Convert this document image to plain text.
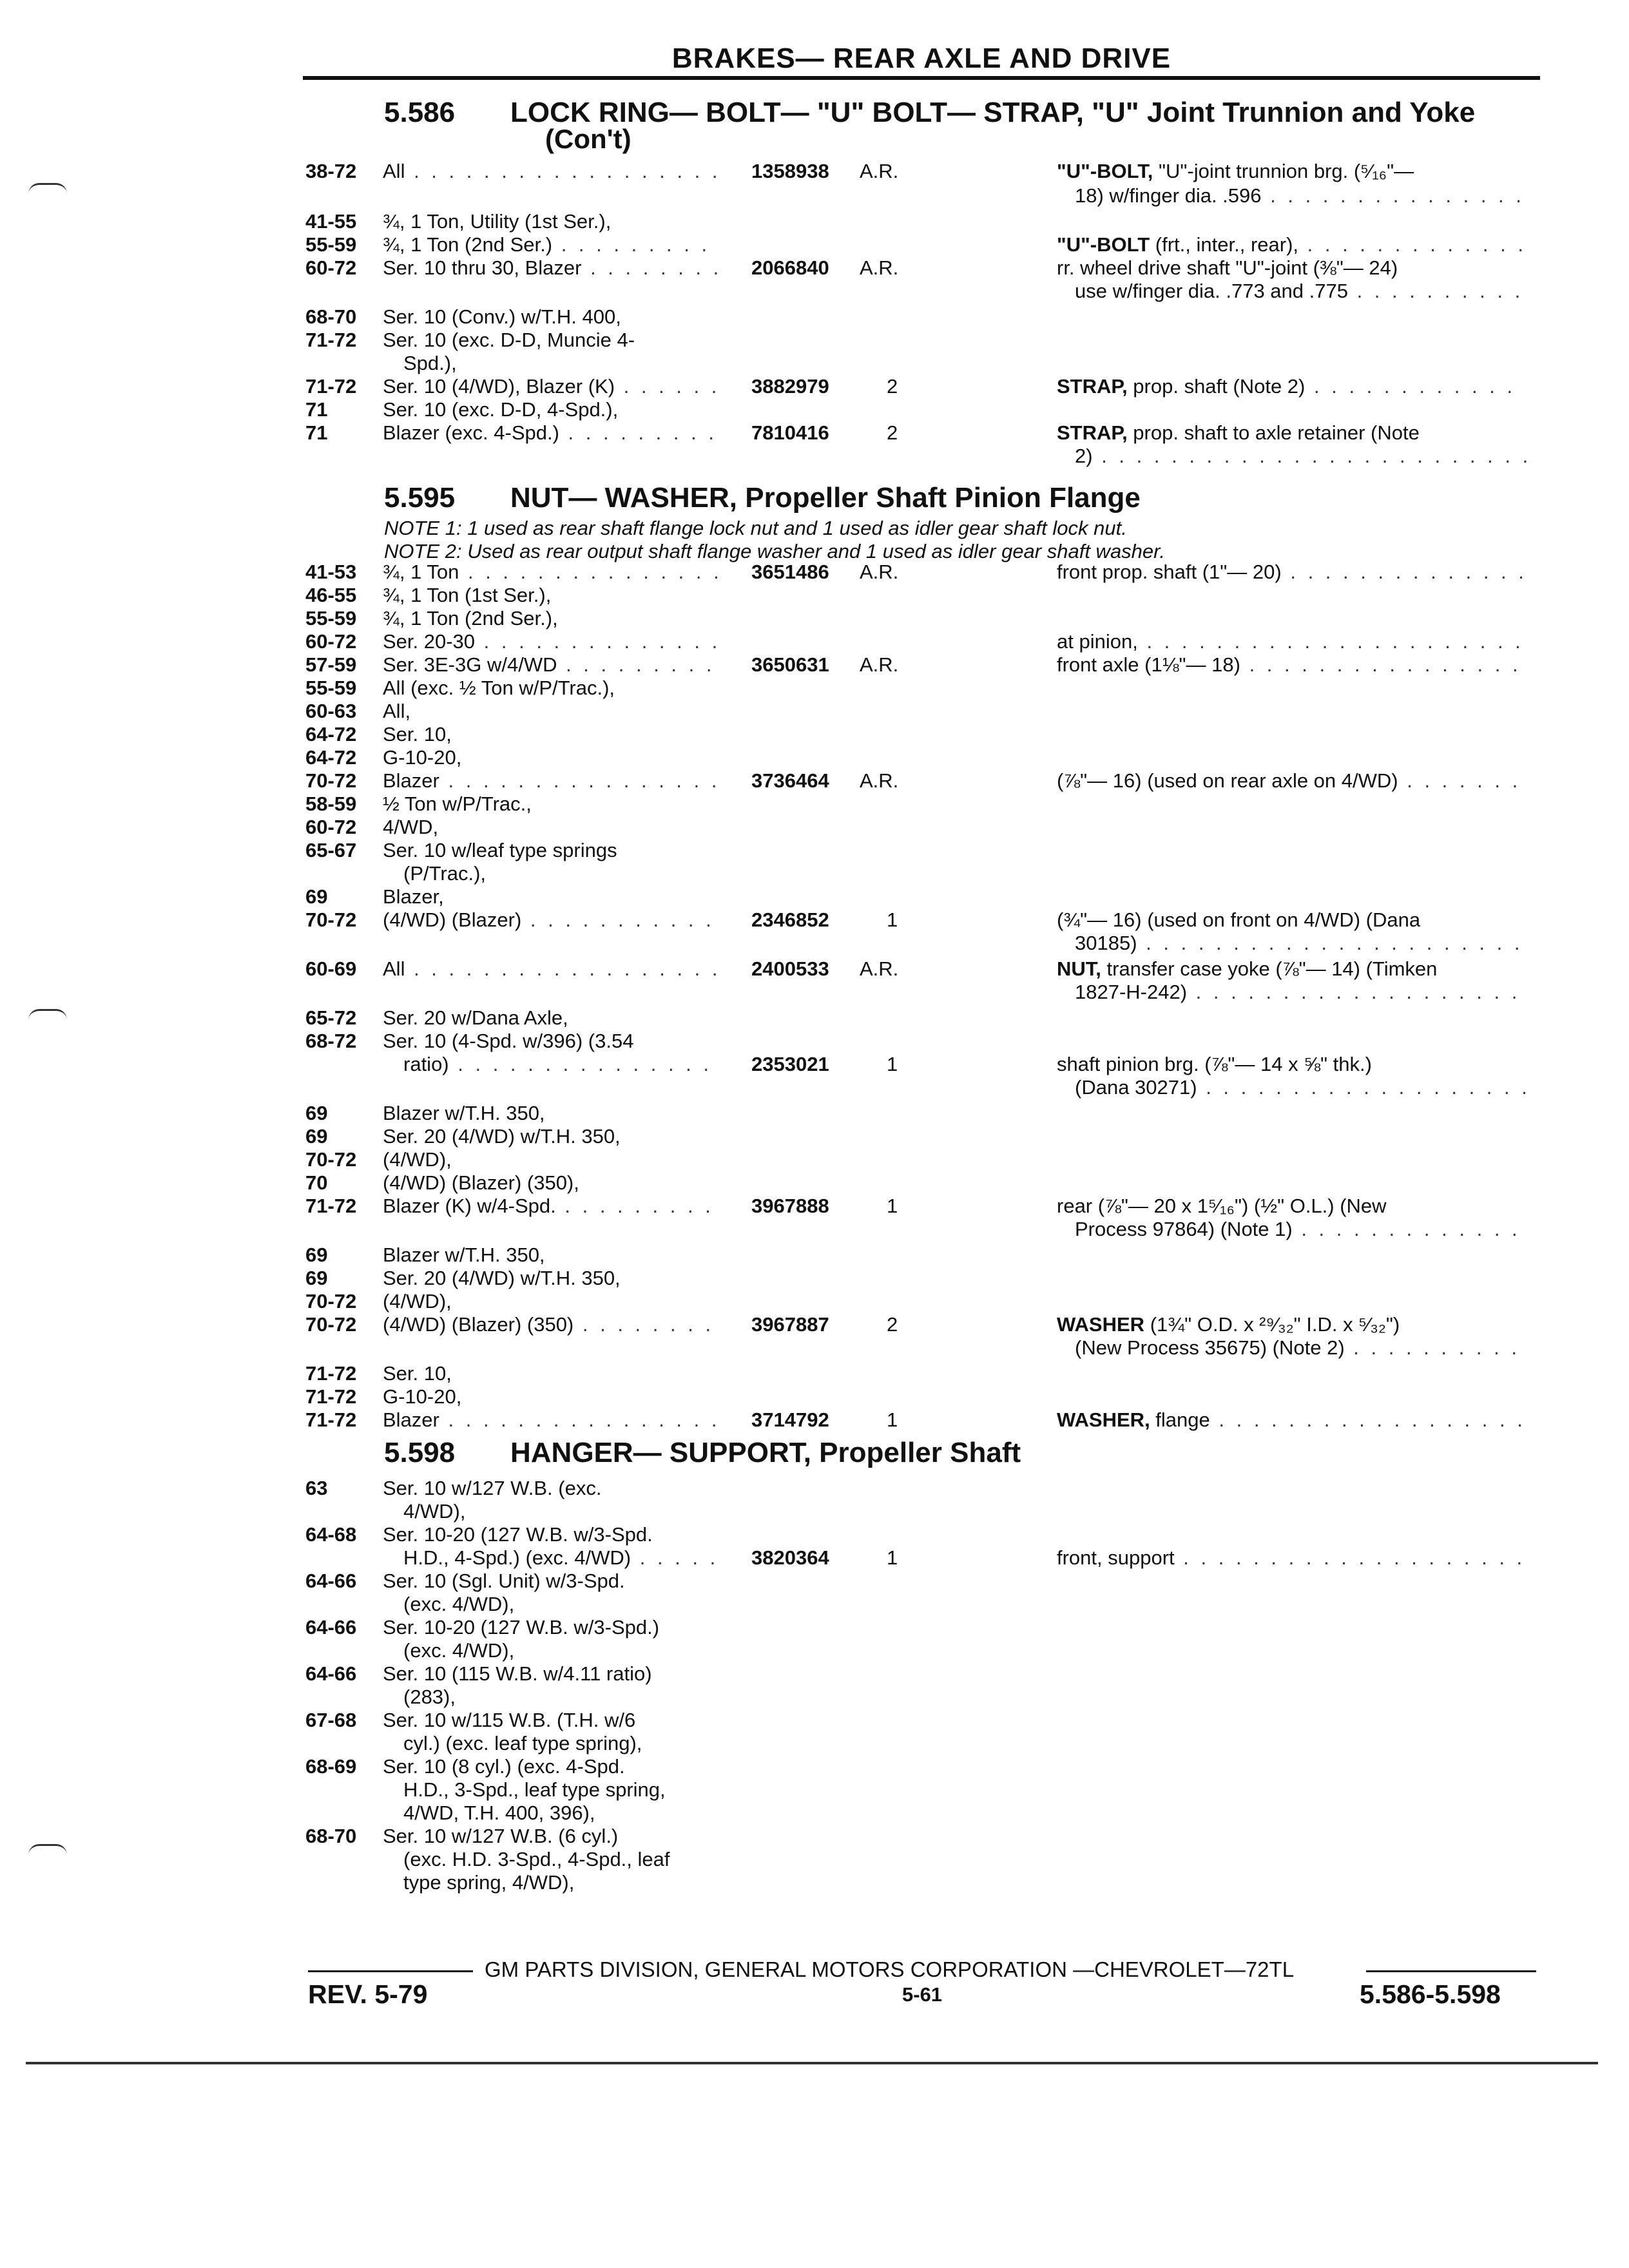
BRAKES— REAR AXLE AND DRIVE
5.586 LOCK RING— BOLT— "U" BOLT— STRAP, "U" Joint Trunnion and Yoke
(Con't)
5.595 NUT— WASHER, Propeller Shaft Pinion Flange
NOTE 1: 1 used as rear shaft flange lock nut and 1 used as idler gear shaft lock nut.
NOTE 2: Used as rear output shaft flange washer and 1 used as idler gear shaft washer.
5.598 HANGER— SUPPORT, Propeller Shaft
38-72 All . . . . . . . . . . . . . . . . . . 1358938 A.R.	"U"-BOLT, "U"-joint trunnion brg. (⁵⁄₁₆"—
18) w/finger dia. .596 . . . . . . . . . . . . . . .
41-55 ¾, 1 Ton, Utility (1st Ser.),
55-59 ¾, 1 Ton (2nd Ser.) . . . . . . . . .	"U"-BOLT (frt., inter., rear), . . . . . . . . . . . . .
60-72 Ser. 10 thru 30, Blazer . . . . . . . . 2066840 A.R.	rr. wheel drive shaft "U"-joint (⅜"— 24)
use w/finger dia. .773 and .775 . . . . . . . . . .
68-70 Ser. 10 (Conv.) w/T.H. 400,
71-72 Ser. 10 (exc. D-D, Muncie 4-
Spd.),
71-72 Ser. 10 (4/WD), Blazer (K) . . . . . . 3882979	2	STRAP, prop. shaft (Note 2) . . . . . . . . . . . .
71	Ser. 10 (exc. D-D, 4-Spd.),
71	Blazer (exc. 4-Spd.) . . . . . . . . . 7810416	2	STRAP, prop. shaft to axle retainer (Note
2) . . . . . . . . . . . . . . . . . . . . . . . . .
41-53 ¾, 1 Ton . . . . . . . . . . . . . . . 3651486 A.R.	front prop. shaft (1"— 20) . . . . . . . . . . . . . .
46-55 ¾, 1 Ton (1st Ser.),
55-59 ¾, 1 Ton (2nd Ser.),
60-72 Ser. 20-30 . . . . . . . . . . . . . .	at pinion, . . . . . . . . . . . . . . . . . . . . . .
57-59 Ser. 3E-3G w/4/WD . . . . . . . . . 3650631 A.R.	front axle (1⅛"— 18) . . . . . . . . . . . . . . . .
55-59 All (exc. ½ Ton w/P/Trac.),
60-63 All,
64-72 Ser. 10,
64-72 G-10-20,
70-72 Blazer . . . . . . . . . . . . . . . . 3736464 A.R.	(⅞"— 16) (used on rear axle on 4/WD) . . . . . . .
58-59 ½ Ton w/P/Trac.,
60-72 4/WD,
65-67 Ser. 10 w/leaf type springs
(P/Trac.),
69	Blazer,
70-72 (4/WD) (Blazer) . . . . . . . . . . . 2346852	1	(¾"— 16) (used on front on 4/WD) (Dana
30185) . . . . . . . . . . . . . . . . . . . . . .
60-69 All . . . . . . . . . . . . . . . . . . 2400533 A.R.	NUT, transfer case yoke (⅞"— 14) (Timken
1827-H-242) . . . . . . . . . . . . . . . . . . .
65-72 Ser. 20 w/Dana Axle,
68-72 Ser. 10 (4-Spd. w/396) (3.54
ratio) . . . . . . . . . . . . . . . 2353021	1	shaft pinion brg. (⅞"— 14 x ⅝" thk.)
(Dana 30271) . . . . . . . . . . . . . . . . . . .
69	Blazer w/T.H. 350,
69	Ser. 20 (4/WD) w/T.H. 350,
70-72 (4/WD),
70	(4/WD) (Blazer) (350),
71-72 Blazer (K) w/4-Spd. . . . . . . . . . 3967888	1	rear (⅞"— 20 x 1⁵⁄₁₆") (½" O.L.) (New
Process 97864) (Note 1) . . . . . . . . . . . . .
69	Blazer w/T.H. 350,
69	Ser. 20 (4/WD) w/T.H. 350,
70-72 (4/WD),
70-72 (4/WD) (Blazer) (350) . . . . . . . . 3967887	2	WASHER (1¾" O.D. x ²⁹⁄₃₂" I.D. x ⁵⁄₃₂")
(New Process 35675) (Note 2) . . . . . . . . . .
71-72 Ser. 10,
71-72 G-10-20,
71-72 Blazer . . . . . . . . . . . . . . . . 3714792	1	WASHER, flange . . . . . . . . . . . . . . . . . .
63	Ser. 10 w/127 W.B. (exc.
4/WD),
64-68 Ser. 10-20 (127 W.B. w/3-Spd.
H.D., 4-Spd.) (exc. 4/WD) . . . . . 3820364	1	front, support . . . . . . . . . . . . . . . . . . . .
64-66 Ser. 10 (Sgl. Unit) w/3-Spd.
(exc. 4/WD),
64-66 Ser. 10-20 (127 W.B. w/3-Spd.)
(exc. 4/WD),
64-66 Ser. 10 (115 W.B. w/4.11 ratio)
(283),
67-68 Ser. 10 w/115 W.B. (T.H. w/6
cyl.) (exc. leaf type spring),
68-69 Ser. 10 (8 cyl.) (exc. 4-Spd.
H.D., 3-Spd., leaf type spring,
4/WD, T.H. 400, 396),
68-70 Ser. 10 w/127 W.B. (6 cyl.)
(exc. H.D. 3-Spd., 4-Spd., leaf
type spring, 4/WD),
GM PARTS DIVISION, GENERAL MOTORS CORPORATION —CHEVROLET—72TL
REV. 5-79	5-61	5.586-5.598
